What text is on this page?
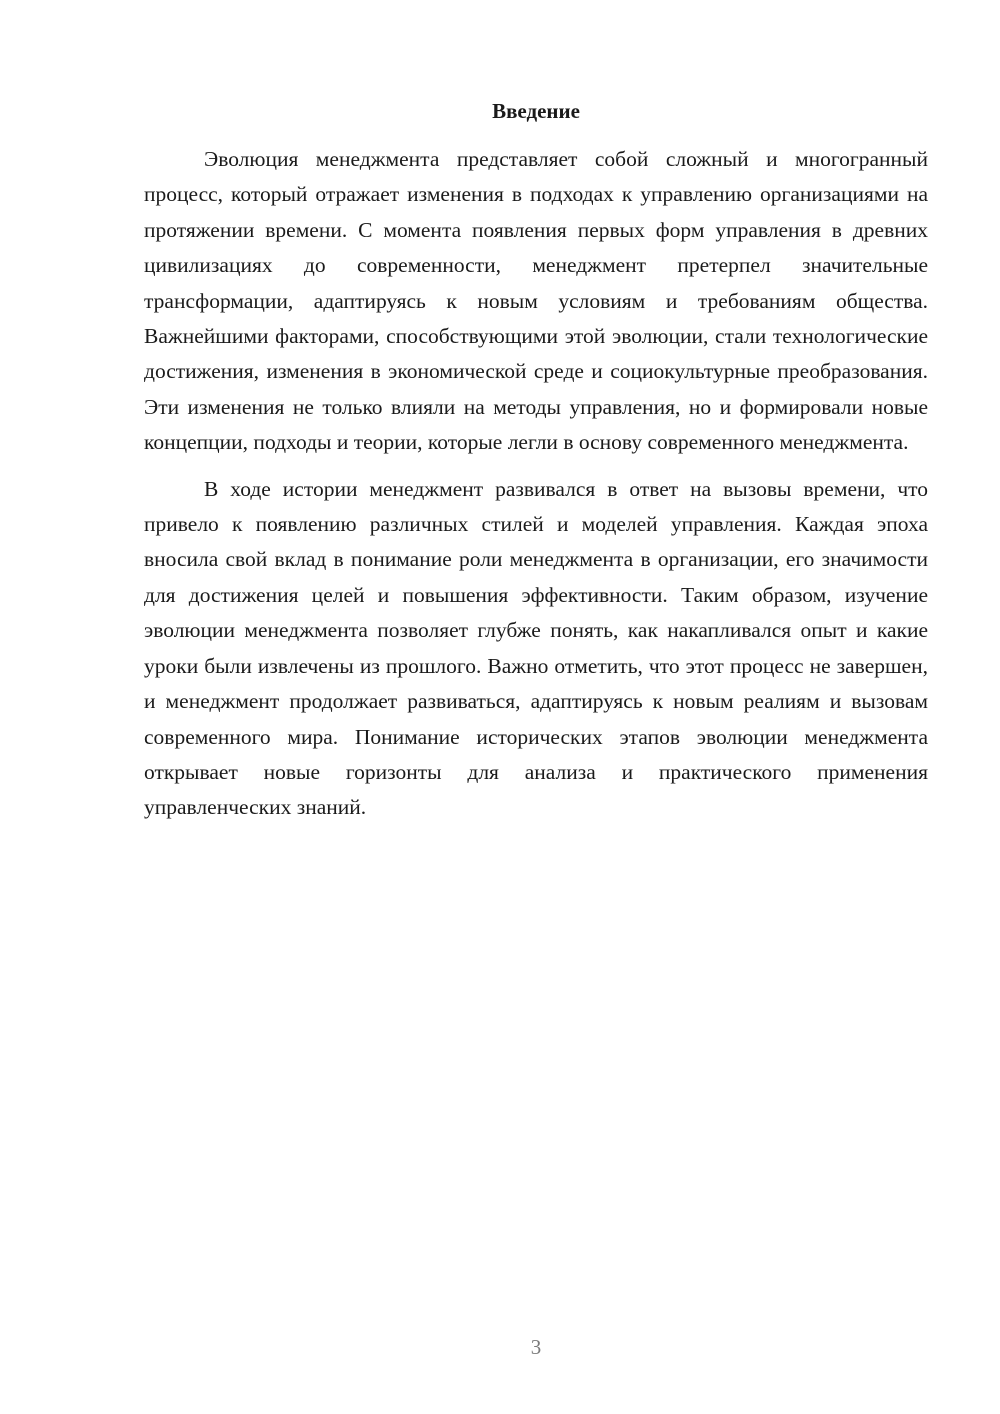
Введение

Эволюция менеджмента представляет собой сложный и многогранный процесс, который отражает изменения в подходах к управлению организациями на протяжении времени. С момента появления первых форм управления в древних цивилизациях до современности, менеджмент претерпел значительные трансформации, адаптируясь к новым условиям и требованиям общества. Важнейшими факторами, способствующими этой эволюции, стали технологические достижения, изменения в экономической среде и социокультурные преобразования. Эти изменения не только влияли на методы управления, но и формировали новые концепции, подходы и теории, которые легли в основу современного менеджмента.

В ходе истории менеджмент развивался в ответ на вызовы времени, что привело к появлению различных стилей и моделей управления. Каждая эпоха вносила свой вклад в понимание роли менеджмента в организации, его значимости для достижения целей и повышения эффективности. Таким образом, изучение эволюции менеджмента позволяет глубже понять, как накапливался опыт и какие уроки были извлечены из прошлого. Важно отметить, что этот процесс не завершен, и менеджмент продолжает развиваться, адаптируясь к новым реалиям и вызовам современного мира. Понимание исторических этапов эволюции менеджмента открывает новые горизонты для анализа и практического применения управленческих знаний.

3
